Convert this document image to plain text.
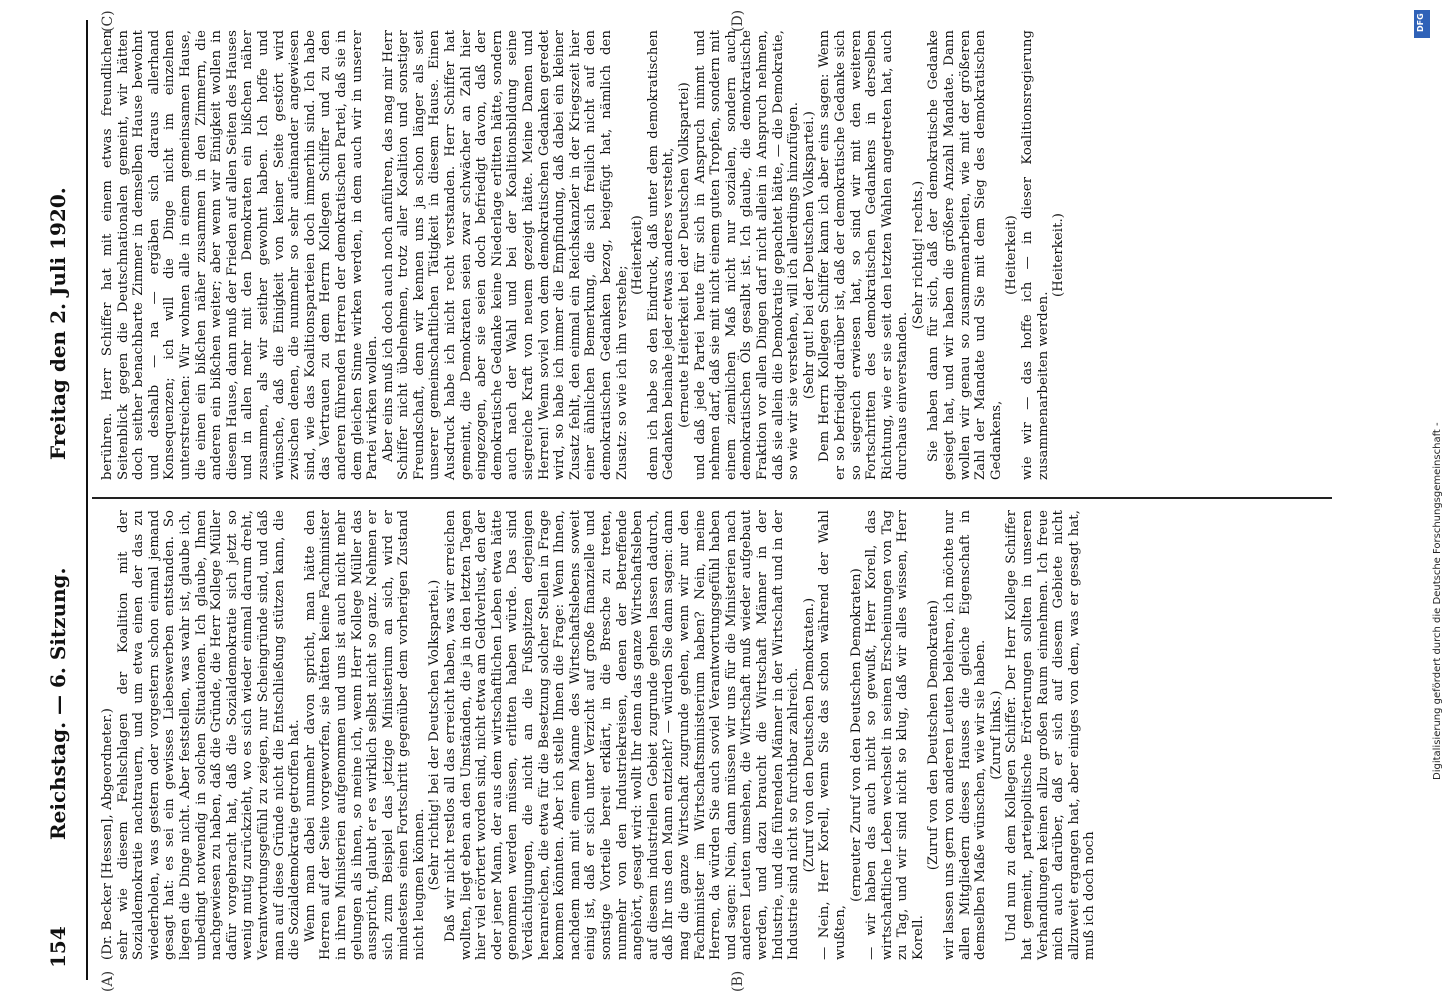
154
Reichstag. — 6. Sitzung.
Freitag den 2. Juli 1920.
(A)	(B)
(C)	(D)

(Dr. Becker [Hessen], Abgeordneter.) sehr wie diesem Fehlschlagen der Koalition mit der Sozialdemokratie nachtrauern, und um etwa einen der das zu wiederholen, was gestern oder vorgestern schon einmal jemand gesagt hat: es sei ein gewisses Liebeswerben entstanden. So liegen die Dinge nicht. Aber feststellen, was wahr ist, glaube ich, unbedingt notwendig in solchen Situationen. Ich glaube, Ihnen nachgewiesen zu haben, daß die Gründe, die Herr Kollege Müller dafür vorgebracht hat, daß die Sozialdemokratie sich jetzt so wenig mutig zurückzieht, wo es sich wieder einmal darum dreht, Verantwortungsgefühl zu zeigen, nur Scheingründe sind, und daß man auf diese Gründe nicht die Entschließung stützen kann, die die Sozialdemokratie getroffen hat. Wenn man dabei nunmehr davon spricht, man hätte den Herren auf der Seite vorgeworfen, sie hätten keine Fachminister in ihren Ministerien aufgenommen und uns ist auch nicht mehr gelungen als ihnen, so meine ich, wenn Herr Kollege Müller das ausspricht, glaubt er es wirklich selbst nicht so ganz. Nehmen er sich zum Beispiel das jetzige Ministerium an sich, wird er mindestens einen Fortschritt gegenüber dem vorherigen Zustand nicht leugnen können. (Sehr richtig! bei der Deutschen Volkspartei.) Daß wir nicht restlos all das erreicht haben, was wir erreichen wollten, liegt eben an den Umständen, die ja in den letzten Tagen hier viel erörtert worden sind, nicht etwa am Geldverlust, den der oder jener Mann, der aus dem wirtschaftlichen Leben etwa hätte genommen werden müssen, erlitten haben würde. Das sind Verdächtigungen, die nicht an die Fußspitzen derjenigen heranreichen, die etwa für die Besetzung solcher Stellen in Frage kommen könnten. Aber ich stelle Ihnen die Frage: Wenn Ihnen, nachdem man mit einem Manne des Wirtschaftslebens soweit einig ist, daß er sich unter Verzicht auf große finanzielle und sonstige Vorteile bereit erklärt, in die Bresche zu treten, nunmehr von den Industriekreisen, denen der Betreffende angehört, gesagt wird: wollt Ihr denn das ganze Wirtschaftsleben auf diesem industriellen Gebiet zugrunde gehen lassen dadurch, daß Ihr uns den Mann entzieht? — würden Sie dann sagen: dann mag die ganze Wirtschaft zugrunde gehen, wenn wir nur den Fachminister im Wirtschaftsministerium haben? Nein, meine Herren, da würden Sie auch soviel Verantwortungsgefühl haben und sagen: Nein, dann müssen wir uns für die Ministerien nach anderen Leuten umsehen, die Wirtschaft muß wieder aufgebaut werden, und dazu braucht die Wirtschaft Männer in der Industrie, und die führenden Männer in der Wirtschaft und in der Industrie sind nicht so furchtbar zahlreich. (Zuruf von den Deutschen Demokraten.) — Nein, Herr Korell, wenn Sie das schon während der Wahl wußten,

(erneuter Zuruf von den Deutschen Demokraten) — wir haben das auch nicht so gewußt, Herr Korell, das wirtschaftliche Leben wechselt in seinen Erscheinungen von Tag zu Tag, und wir sind nicht so klug, daß wir alles wissen, Herr Korell.

(Zuruf von den Deutschen Demokraten) wir lassen uns gern von anderen Leuten belehren, ich möchte nur allen Mitgliedern dieses Hauses die gleiche Eigenschaft in demselben Maße wünschen, wie wir sie haben. (Zuruf links.) Und nun zu dem Kollegen Schiffer. Der Herr Kollege Schiffer hat gemeint, parteipolitische Erörterungen sollten in unseren Verhandlungen keinen allzu großen Raum einnehmen. Ich freue mich auch darüber, daß er sich auf diesem Gebiete nicht allzuweit ergangen hat, aber einiges von dem, was er gesagt hat, muß ich doch noch

berühren. Herr Schiffer hat mit einem etwas freundlichen Seitenblick gegen die Deutschnationalen gemeint, wir hätten doch seither benachbarte Zimmer in demselben Hause bewohnt und deshalb — na — ergäben sich daraus allerhand Konsequenzen; ich will die Dinge nicht im einzelnen unterstreichen: Wir wohnen alle in einem gemeinsamen Hause, die einen ein bißchen näher zusammen in den Zimmern, die anderen ein bißchen weiter; aber wenn wir Einigkeit wollen in diesem Hause, dann muß der Frieden auf allen Seiten des Hauses und in allen mehr mit den Demokraten ein bißchen näher zusammen, als wir seither gewohnt haben. Ich hoffe und wünsche, daß die Einigkeit von keiner Seite gestört wird zwischen denen, die nunmehr so sehr aufeinander angewiesen sind, wie das Koalitionsparteien doch immerhin sind. Ich habe das Vertrauen zu dem Herrn Kollegen Schiffer und zu den anderen führenden Herren der demokratischen Partei, daß sie in dem gleichen Sinne wirken werden, in dem auch wir in unserer Partei wirken wollen. Aber eins muß ich doch auch noch anführen, das mag mir Herr Schiffer nicht übelnehmen, trotz aller Koalition und sonstiger Freundschaft, denn wir kennen uns ja schon länger als seit unserer gemeinschaftlichen Tätigkeit in diesem Hause. Einen Ausdruck habe ich nicht recht verstanden. Herr Schiffer hat gemeint, die Demokraten seien zwar schwächer an Zahl hier eingezogen, aber sie seien doch befriedigt davon, daß der demokratische Gedanke keine Niederlage erlitten hätte, sondern auch nach der Wahl und bei der Koalitionsbildung seine siegreiche Kraft von neuem gezeigt hätte. Meine Damen und Herren! Wenn soviel von dem demokratischen Gedanken geredet wird, so habe ich immer die Empfindung, daß dabei ein kleiner Zusatz fehlt, den einmal ein Reichskanzler in der Kriegszeit hier einer ähnlichen Bemerkung, die sich freilich nicht auf den demokratischen Gedanken bezog, beigefügt hat, nämlich den Zusatz: so wie ich ihn verstehe;

(Heiterkeit) denn ich habe so den Eindruck, daß unter dem demokratischen Gedanken beinahe jeder etwas anderes versteht, (erneute Heiterkeit bei der Deutschen Volkspartei) und daß jede Partei heute für sich in Anspruch nimmt und nehmen darf, daß sie mit nicht einem guten Tropfen, sondern mit einem ziemlichen Maß nicht nur sozialen, sondern auch demokratischen Öls gesalbt ist. Ich glaube, die demokratische Fraktion vor allen Dingen darf nicht allein in Anspruch nehmen, daß sie allein die Demokratie gepachtet hätte, — die Demokratie, so wie wir sie verstehen, will ich allerdings hinzufügen. (Sehr gut! bei der Deutschen Volkspartei.) Dem Herrn Kollegen Schiffer kann ich aber eins sagen: Wenn er so befriedigt darüber ist, daß der demokratische Gedanke sich so siegreich erwiesen hat, so sind wir mit den weiteren Fortschritten des demokratischen Gedankens in derselben Richtung, wie er sie seit den letzten Wahlen angetreten hat, auch durchaus einverstanden.

(Sehr richtig! rechts.) Sie haben dann für sich, daß der demokratische Gedanke gesiegt hat, und wir haben die größere Anzahl Mandate. Dann wollen wir genau so zusammenarbeiten, wie mit der größeren Zahl der Mandate und Sie mit dem Sieg des demokratischen Gedankens,

(Heiterkeit) wie wir — das hoffe ich — in dieser Koalitionsregierung zusammenarbeiten werden.

(Heiterkeit.)

DFG
Digitalisierung gefördert durch die Deutsche Forschungsgemeinschaft -
